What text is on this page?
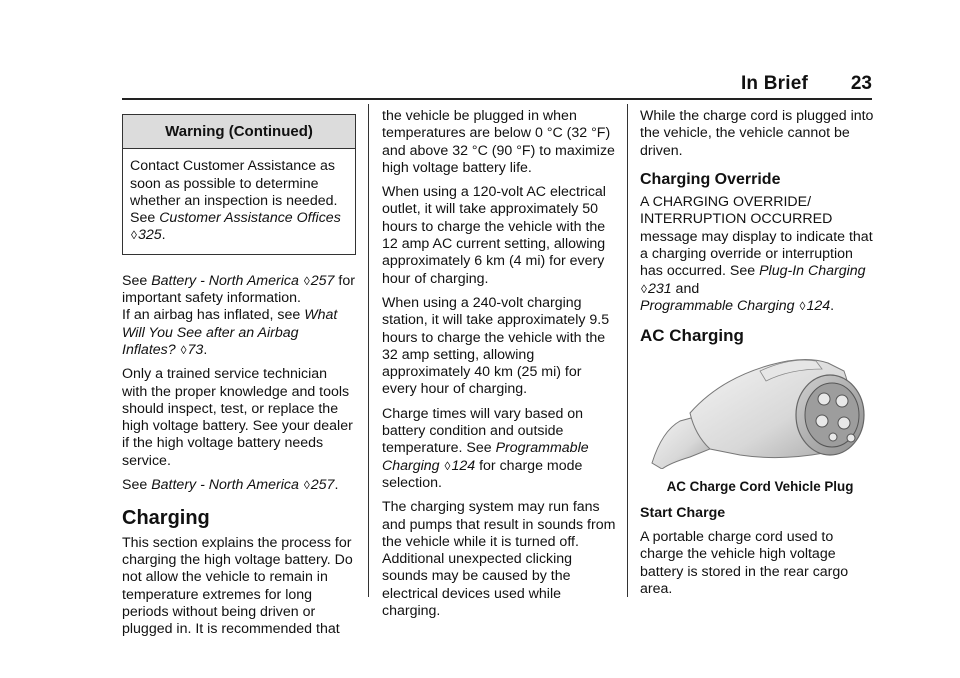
In Brief 23
Warning (Continued)
Contact Customer Assistance as soon as possible to determine whether an inspection is needed. See Customer Assistance Offices
◊325.

See Battery - North America ◊257 for important safety information.
If an airbag has inflated, see What Will You See after an Airbag Inflates? ◊73.

Only a trained service technician with the proper knowledge and tools should inspect, test, or replace the high voltage battery. See your dealer if the high voltage battery needs service.

See Battery - North America ◊257.

Charging

This section explains the process for charging the high voltage battery. Do not allow the vehicle to remain in temperature extremes for long periods without being driven or plugged in. It is recommended that

the vehicle be plugged in when temperatures are below 0 °C (32 °F) and above 32 °C (90 °F) to maximize high voltage battery life.

When using a 120-volt AC electrical outlet, it will take approximately 50 hours to charge the vehicle with the 12 amp AC current setting, allowing approximately 6 km (4 mi) for every hour of charging.

When using a 240-volt charging station, it will take approximately 9.5 hours to charge the vehicle with the 32 amp setting, allowing approximately 40 km (25 mi) for every hour of charging.

Charge times will vary based on battery condition and outside temperature. See Programmable Charging ◊124 for charge mode selection.

The charging system may run fans and pumps that result in sounds from the vehicle while it is turned off. Additional unexpected clicking sounds may be caused by the electrical devices used while charging.

While the charge cord is plugged into the vehicle, the vehicle cannot be driven.

Charging Override

A CHARGING OVERRIDE/ INTERRUPTION OCCURRED message may display to indicate that a charging override or interruption has occurred. See Plug-In Charging ◊231 and
Programmable Charging ◊124.

AC Charging
AC Charge Cord Vehicle Plug

Start Charge

A portable charge cord used to charge the vehicle high voltage battery is stored in the rear cargo area.
